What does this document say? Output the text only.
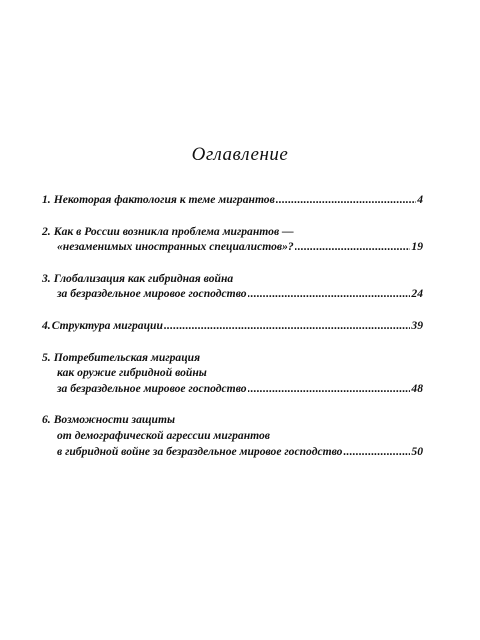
Оглавление
1. Некоторая фактология к теме мигрантов .....	4
2. Как в России возникла проблема мигрантов —
«незаменимых иностранных специалистов»? .....	19
3. Глобализация как гибридная война
за безраздельное мировое господство .....	24
4. Структура миграции .....	39
5. Потребительская миграция
как оружие гибридной войны
за безраздельное мировое господство .....	48
6. Возможности защиты
от демографической агрессии мигрантов
в гибридной войне за безраздельное мировое господство .....	50
